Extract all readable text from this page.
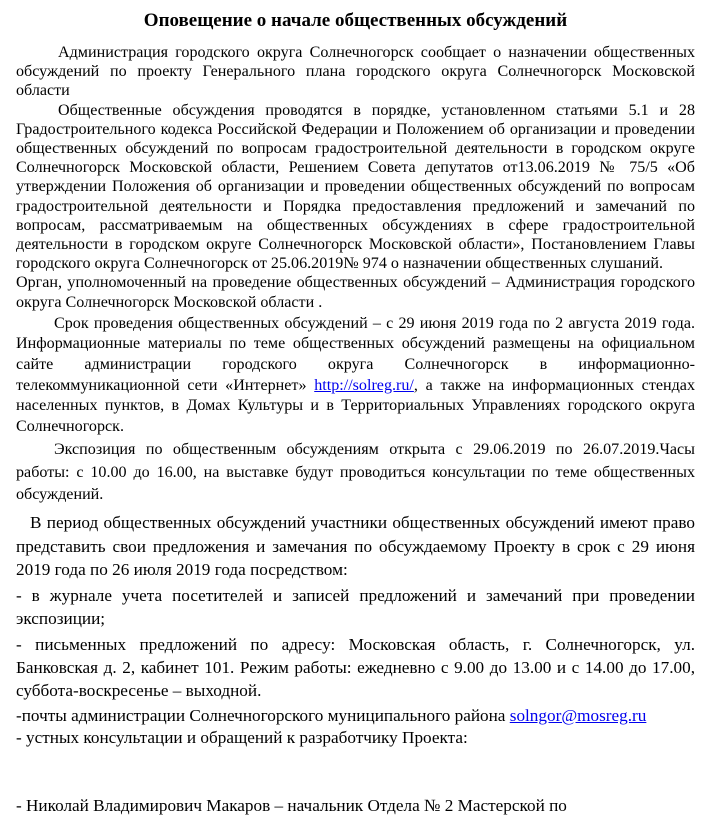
Оповещение о начале общественных обсуждений

Администрация городского округа Солнечногорск сообщает о назначении общественных обсуждений по проекту Генерального плана городского округа Солнечногорск Московской области

Общественные обсуждения проводятся в порядке, установленном статьями 5.1 и 28 Градостроительного кодекса Российской Федерации и Положением об организации и проведении общественных обсуждений по вопросам градостроительной деятельности в городском округе Солнечногорск Московской области, Решением Совета депутатов от13.06.2019 № 75/5 «Об утверждении Положения об организации и проведении общественных обсуждений по вопросам градостроительной деятельности и Порядка предоставления предложений и замечаний по вопросам, рассматриваемым на общественных обсуждениях в сфере градостроительной деятельности в городском округе Солнечногорск Московской области», Постановлением Главы городского округа Солнечногорск от 25.06.2019№ 974 о назначении общественных слушаний.

Орган, уполномоченный на проведение общественных обсуждений – Администрация городского округа Солнечногорск Московской области .

Срок проведения общественных обсуждений – с 29 июня 2019 года по 2 августа 2019 года. Информационные материалы по теме общественных обсуждений размещены на официальном сайте администрации городского округа Солнечногорск в информационно-телекоммуникационной сети «Интернет» http://solreg.ru/, а также на информационных стендах населенных пунктов, в Домах Культуры и в Территориальных Управлениях городского округа Солнечногорск.

Экспозиция по общественным обсуждениям открыта с 29.06.2019 по 26.07.2019.Часы работы: с 10.00 до 16.00, на выставке будут проводиться консультации по теме общественных обсуждений.

В период общественных обсуждений участники общественных обсуждений имеют право представить свои предложения и замечания по обсуждаемому Проекту в срок с 29 июня 2019 года по 26 июля 2019 года посредством:

- в журнале учета посетителей и записей предложений и замечаний при проведении экспозиции;

- письменных предложений по адресу: Московская область, г. Солнечногорск, ул. Банковская д. 2, кабинет 101. Режим работы: ежедневно с 9.00 до 13.00 и с 14.00 до 17.00, суббота-воскресенье – выходной.

-почты администрации Солнечногорского муниципального района solngor@mosreg.ru

- устных консультации и обращений к разработчику Проекта:

- Николай Владимирович Макаров – начальник Отдела № 2 Мастерской по
